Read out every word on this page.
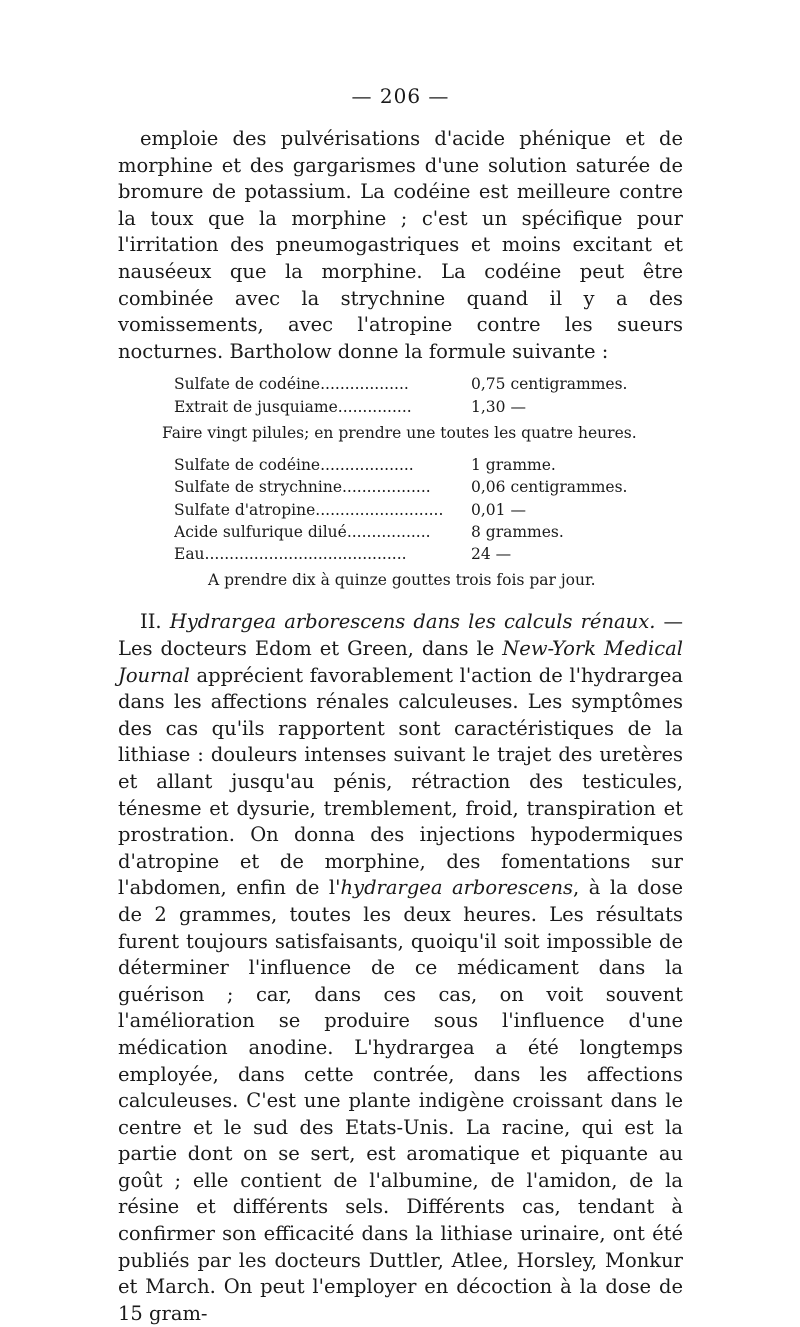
— 206 —

emploie des pulvérisations d'acide phénique et de morphine et des gargarismes d'une solution saturée de bromure de potassium. La codéine est meilleure contre la toux que la morphine ; c'est un spécifique pour l'irritation des pneumogastriques et moins excitant et nauséeux que la morphine. La codéine peut être combinée avec la strychnine quand il y a des vomissements, avec l'atropine contre les sueurs nocturnes. Bartholow donne la formule suivante :

Sulfate de codéine..................	0,75 centigrammes.
Extrait de jusquiame...............	1,30 —
Faire vingt pilules; en prendre une toutes les quatre heures.
Sulfate de codéine...................	1 gramme.
Sulfate de strychnine..................	0,06 centigrammes.
Sulfate d'atropine..........................	0,01 —
Acide sulfurique dilué.................	8 grammes.
Eau.........................................	24 —
A prendre dix à quinze gouttes trois fois par jour.

II. Hydrargea arborescens dans les calculs rénaux. — Les docteurs Edom et Green, dans le New-York Medical Journal apprécient favorablement l'action de l'hydrargea dans les affections rénales calculeuses. Les symptômes des cas qu'ils rapportent sont caractéristiques de la lithiase : douleurs intenses suivant le trajet des uretères et allant jusqu'au pénis, rétraction des testicules, ténesme et dysurie, tremblement, froid, transpiration et prostration. On donna des injections hypodermiques d'atropine et de morphine, des fomentations sur l'abdomen, enfin de l'hydrargea arborescens, à la dose de 2 grammes, toutes les deux heures. Les résultats furent toujours satisfaisants, quoiqu'il soit impossible de déterminer l'influence de ce médicament dans la guérison ; car, dans ces cas, on voit souvent l'amélioration se produire sous l'influence d'une médication anodine. L'hydrargea a été longtemps employée, dans cette contrée, dans les affections calculeuses. C'est une plante indigène croissant dans le centre et le sud des Etats-Unis. La racine, qui est la partie dont on se sert, est aromatique et piquante au goût ; elle contient de l'albumine, de l'amidon, de la résine et différents sels. Différents cas, tendant à confirmer son efficacité dans la lithiase urinaire, ont été publiés par les docteurs Duttler, Atlee, Horsley, Monkur et March. On peut l'employer en décoction à la dose de 15 gram-
